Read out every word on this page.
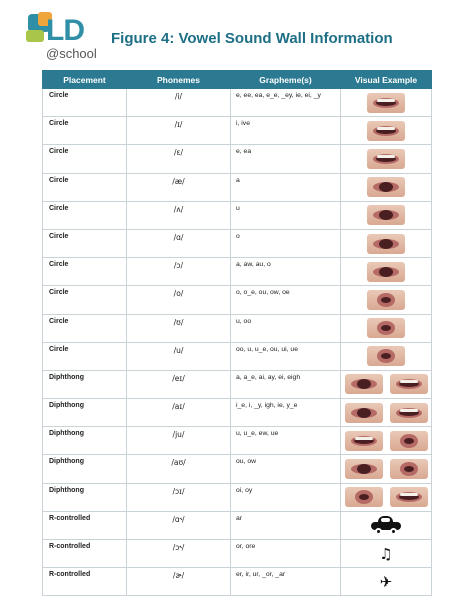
LD
@school
Figure 4: Vowel Sound Wall Information
Placement	Phonemes	Grapheme(s)	Visual Example
Circle	/i/	e, ee, ea, e_e, _ey, ie, ei, _y	

Circle	/ɪ/	i, ive	

Circle	/ɛ/	e, ea	

Circle	/æ/	a	

Circle	/ʌ/	u	

Circle	/ɑ/	o	

Circle	/ɔ/	a, aw, au, o	

Circle	/o/	o, o_e, ou, ow, oe	

Circle	/ʊ/	u, oo	

Circle	/u/	oo, u, u_e, ou, ui, ue	

Diphthong	/eɪ/	a, a_e, ai, ay, ei, eigh	

Diphthong	/aɪ/	i_e, i, _y, igh, ie, y_e	

Diphthong	/ju/	u, u_e, ew, ue	

Diphthong	/aʊ/	ou, ow	

Diphthong	/ɔɪ/	oi, oy	

R-controlled	/ɑ˞/	ar	

R-controlled	/ɔ˞/	or, ore	♫

R-controlled	/ɚ/	er, ir, ur, _or, _ar	✈
